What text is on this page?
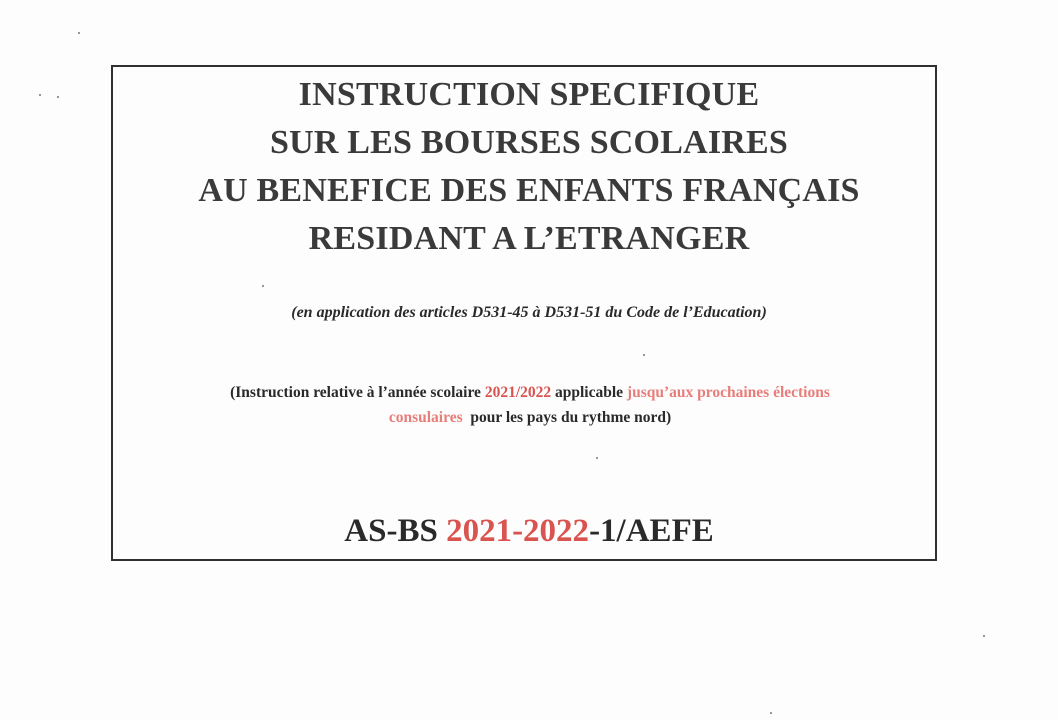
INSTRUCTION SPECIFIQUE
SUR LES BOURSES SCOLAIRES
AU BENEFICE DES ENFANTS FRANÇAIS
RESIDANT A L’ETRANGER
(en application des articles D531-45 à D531-51 du Code de l’Education)
(Instruction relative à l’année scolaire 2021/2022 applicable jusqu’aux prochaines élections
consulaires  pour les pays du rythme nord)
AS-BS 2021-2022-1/AEFE
